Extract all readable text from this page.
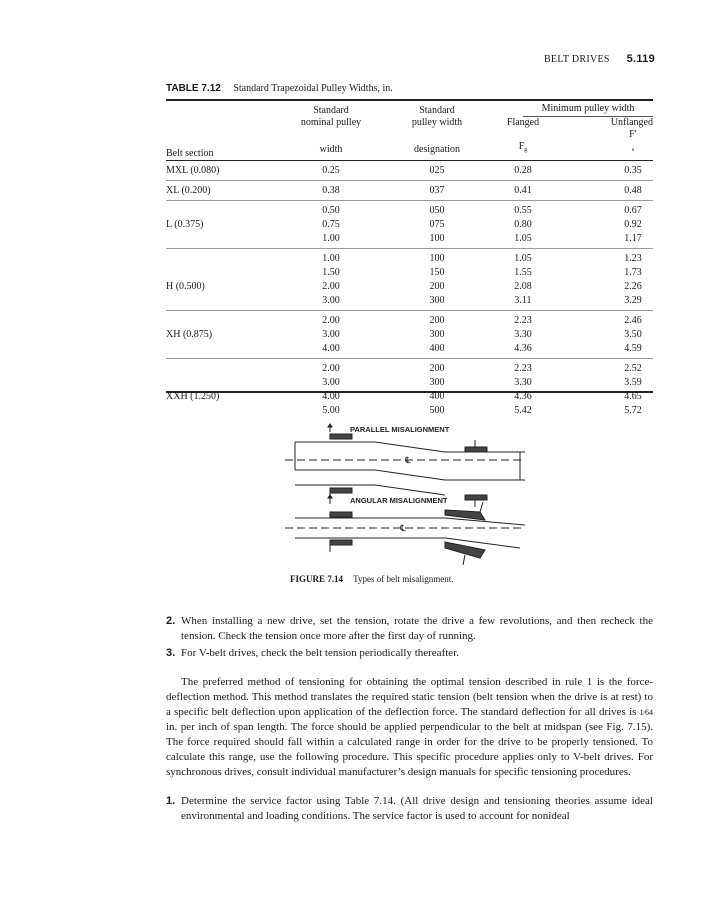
BELT DRIVES 5.119
TABLE 7.12 Standard Trapezoidal Pulley Widths, in.
Belt section	Standard	Standard	Minimum pulley width	

	nominal pulley	pulley width	Flanged	Unflanged
	width	designation	$F_g$	F′s

MXL (0.080)	0.25	025	0.28	0.35
XL (0.200)	0.38	037	0.41	0.48
	0.50	050	0.55	0.67
L (0.375)	0.75	075	0.80	0.92
	1.00	100	1.05	1.17
	1.00	100	1.05	1.23
	1.50	150	1.55	1.73
H (0.500)	2.00	200	2.08	2.26
	3.00	300	3.11	3.29
	2.00	200	2.23	2.46
XH (0.875)	3.00	300	3.30	3.50
	4.00	400	4.36	4.59
	2.00	200	2.23	2.52
	3.00	300	3.30	3.59
XXH (1.250)	4.00	400	4.36	4.65
	5.00	500	5.42	5.72
PARALLEL MISALIGNMENT
℄
ANGULAR MISALIGNMENT
℄
FIGURE 7.14 Types of belt misalignment.
2. When installing a new drive, set the tension, rotate the drive a few revolutions, and then recheck the tension. Check the tension once more after the first day of running.
3. For V-belt drives, check the belt tension periodically thereafter.
The preferred method of tensioning for obtaining the optimal tension described in rule 1 is the force-deflection method. This method translates the required static tension (belt tension when the drive is at rest) to a specific belt deflection upon application of the deflection force. The standard deflection for all drives is 1⁄64 in. per inch of span length. The force should be applied perpendicular to the belt at midspan (see Fig. 7.15). The force required should fall within a calculated range in order for the drive to be properly tensioned. To calculate this range, use the following procedure. This specific procedure applies only to V-belt drives. For synchronous drives, consult individual manufacturer’s design manuals for specific tensioning procedures.
1. Determine the service factor using Table 7.14. (All drive design and tensioning theories assume ideal environmental and loading conditions. The service factor is used to account for nonideal
